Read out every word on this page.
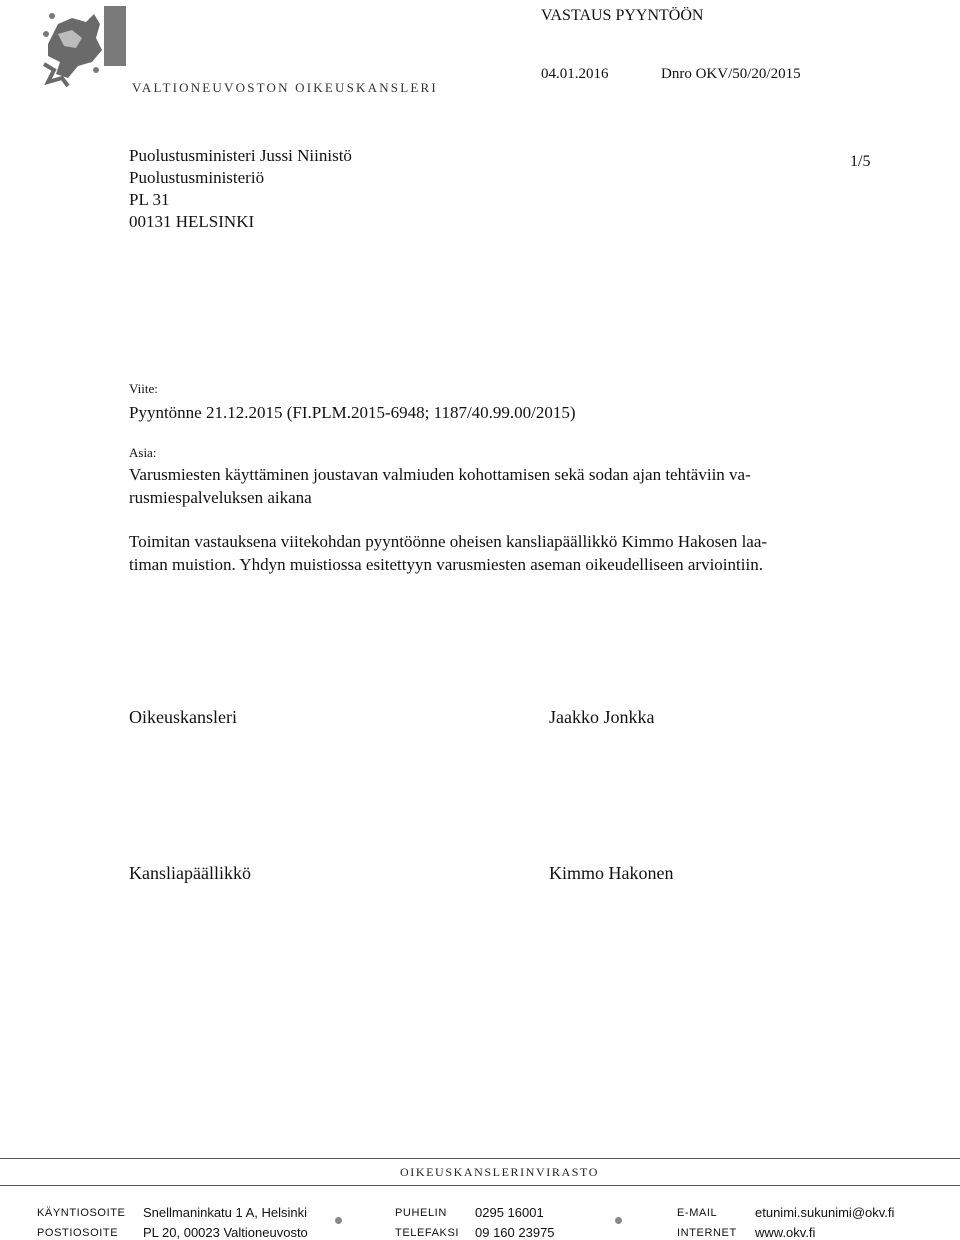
VALTIONEUVOSTON OIKEUSKANSLERI
VASTAUS PYYNTÖÖN
04.01.2016	Dnro OKV/50/20/2015
Puolustusministeri Jussi Niinistö
Puolustusministeriö
PL 31
00131 HELSINKI
1/5
Viite:
Pyyntönne 21.12.2015 (FI.PLM.2015-6948; 1187/40.99.00/2015)
Asia:
Varusmiesten käyttäminen joustavan valmiuden kohottamisen sekä sodan ajan tehtäviin va-
rusmiespalveluksen aikana
Toimitan vastauksena viitekohdan pyyntöönne oheisen kansliapäällikkö Kimmo Hakosen laa-
timan muistion. Yhdyn muistiossa esitettyyn varusmiesten aseman oikeudelliseen arviointiin.
Oikeuskansleri	Jaakko Jonkka
Kansliapäällikkö	Kimmo Hakonen
OIKEUSKANSLERINVIRASTO
KÄYNTIOSOITE Snellmaninkatu 1 A, Helsinki
POSTIOSOITE PL 20, 00023 Valtioneuvosto
PUHELIN 0295 16001
TELEFAKSI 09 160 23975
E-MAIL	etunimi.sukunimi@okv.fi
INTERNET www.okv.fi
